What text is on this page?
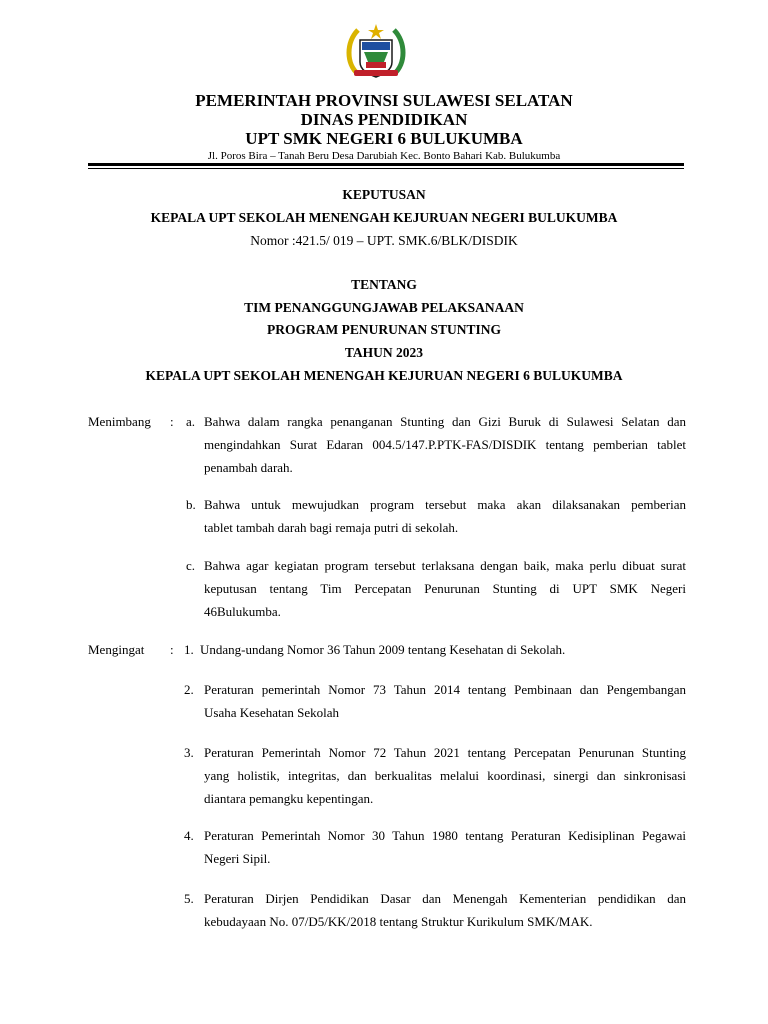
PEMERINTAH PROVINSI SULAWESI SELATAN
DINAS PENDIDIKAN
UPT SMK NEGERI 6 BULUKUMBA
Jl. Poros Bira – Tanah Beru Desa Darubiah Kec. Bonto Bahari Kab. Bulukumba
KEPUTUSAN
KEPALA UPT SEKOLAH MENENGAH KEJURUAN NEGERI BULUKUMBA
Nomor :421.5/ 019 – UPT. SMK.6/BLK/DISDIK
TENTANG
TIM PENANGGUNGJAWAB PELAKSANAAN
PROGRAM PENURUNAN STUNTING
TAHUN 2023
KEPALA UPT SEKOLAH MENENGAH KEJURUAN NEGERI 6 BULUKUMBA
Menimbang : a. Bahwa dalam rangka penanganan Stunting dan Gizi Buruk di Sulawesi Selatan dan

mengindahkan Surat Edaran 004.5/147.P.PTK-FAS/DISDIK tentang pemberian tablet

penambah darah.

b. Bahwa untuk mewujudkan program tersebut maka akan dilaksanakan pemberian

tablet tambah darah bagi remaja putri di sekolah.

c. Bahwa agar kegiatan program tersebut terlaksana dengan baik, maka perlu dibuat surat

keputusan tentang Tim Percepatan Penurunan Stunting di UPT SMK Negeri

46Bulukumba.

Mengingat : 1. Undang-undang Nomor 36 Tahun 2009 tentang Kesehatan di Sekolah.

2. Peraturan pemerintah Nomor 73 Tahun 2014 tentang Pembinaan dan Pengembangan

Usaha Kesehatan Sekolah

3. Peraturan Pemerintah Nomor 72 Tahun 2021 tentang Percepatan Penurunan Stunting

yang holistik, integritas, dan berkualitas melalui koordinasi, sinergi dan sinkronisasi

diantara pemangku kepentingan.

4. Peraturan Pemerintah Nomor 30 Tahun 1980 tentang Peraturan Kedisiplinan Pegawai

Negeri Sipil.

5. Peraturan Dirjen Pendidikan Dasar dan Menengah Kementerian pendidikan dan

kebudayaan No. 07/D5/KK/2018 tentang Struktur Kurikulum SMK/MAK.
